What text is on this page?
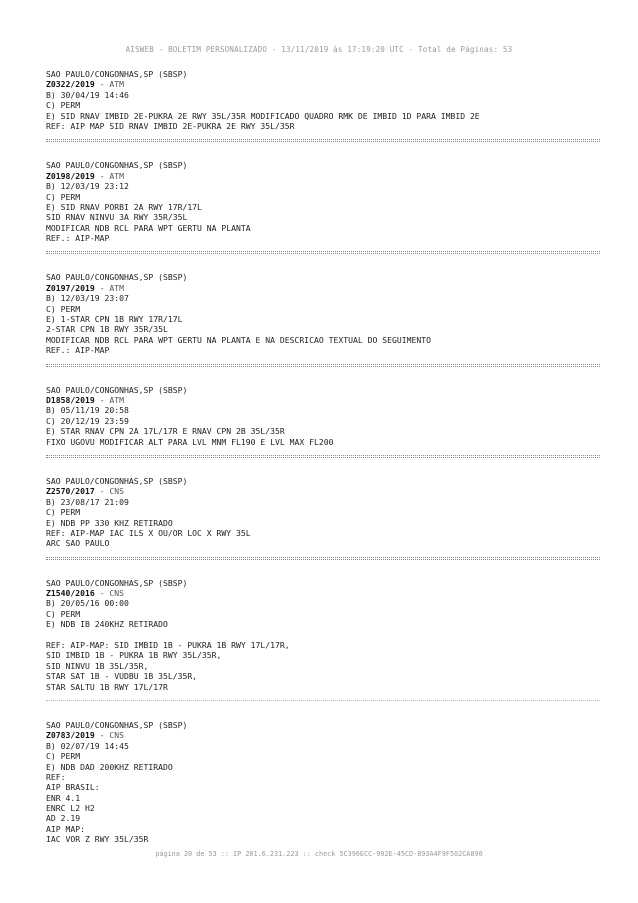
AISWEB - BOLETIM PERSONALIZADO - 13/11/2019 às 17:19:20 UTC - Total de Páginas: 53
SAO PAULO/CONGONHAS,SP (SBSP)
Z0322/2019 - ATM
B) 30/04/19 14:46
C) PERM
E) SID RNAV IMBID 2E-PUKRA 2E RWY 35L/35R MODIFICADO QUADRO RMK DE IMBID 1D PARA IMBID 2E
REF: AIP MAP SID RNAV IMBID 2E-PUKRA 2E RWY 35L/35R
SAO PAULO/CONGONHAS,SP (SBSP)
Z0198/2019 - ATM
B) 12/03/19 23:12
C) PERM
E) SID RNAV PORBI 2A RWY 17R/17L
SID RNAV NINVU 3A RWY 35R/35L
MODIFICAR NDB RCL PARA WPT GERTU NA PLANTA
REF.: AIP-MAP
SAO PAULO/CONGONHAS,SP (SBSP)
Z0197/2019 - ATM
B) 12/03/19 23:07
C) PERM
E) 1-STAR CPN 1B RWY 17R/17L
2-STAR CPN 1B RWY 35R/35L
MODIFICAR NDB RCL PARA WPT GERTU NA PLANTA E NA DESCRICAO TEXTUAL DO SEGUIMENTO
REF.: AIP-MAP
SAO PAULO/CONGONHAS,SP (SBSP)
D1858/2019 - ATM
B) 05/11/19 20:58
C) 20/12/19 23:59
E) STAR RNAV CPN 2A 17L/17R E RNAV CPN 2B 35L/35R
FIXO UGOVU MODIFICAR ALT PARA LVL MNM FL190 E LVL MAX FL200
SAO PAULO/CONGONHAS,SP (SBSP)
Z2570/2017 - CNS
B) 23/08/17 21:09
C) PERM
E) NDB PP 330 KHZ RETIRADO
REF: AIP-MAP IAC ILS X OU/OR LOC X RWY 35L
ARC SAO PAULO
SAO PAULO/CONGONHAS,SP (SBSP)
Z1540/2016 - CNS
B) 20/05/16 00:00
C) PERM
E) NDB IB 240KHZ RETIRADO
REF: AIP-MAP: SID IMBID 1B - PUKRA 1B RWY 17L/17R,
SID IMBID 1B - PUKRA 1B RWY 35L/35R,
SID NINVU 1B 35L/35R,
STAR SAT 1B - VUDBU 1B 35L/35R,
STAR SALTU 1B RWY 17L/17R
SAO PAULO/CONGONHAS,SP (SBSP)
Z0783/2019 - CNS
B) 02/07/19 14:45
C) PERM
E) NDB DAD 200KHZ RETIRADO
REF:
AIP BRASIL:
ENR 4.1
ENRC L2 H2
AD 2.19
AIP MAP:
IAC VOR Z RWY 35L/35R
página 20 de 53 :: IP 201.6.231.223 :: check 5C396ECC-902E-45CD-893A4F9F502CA890
